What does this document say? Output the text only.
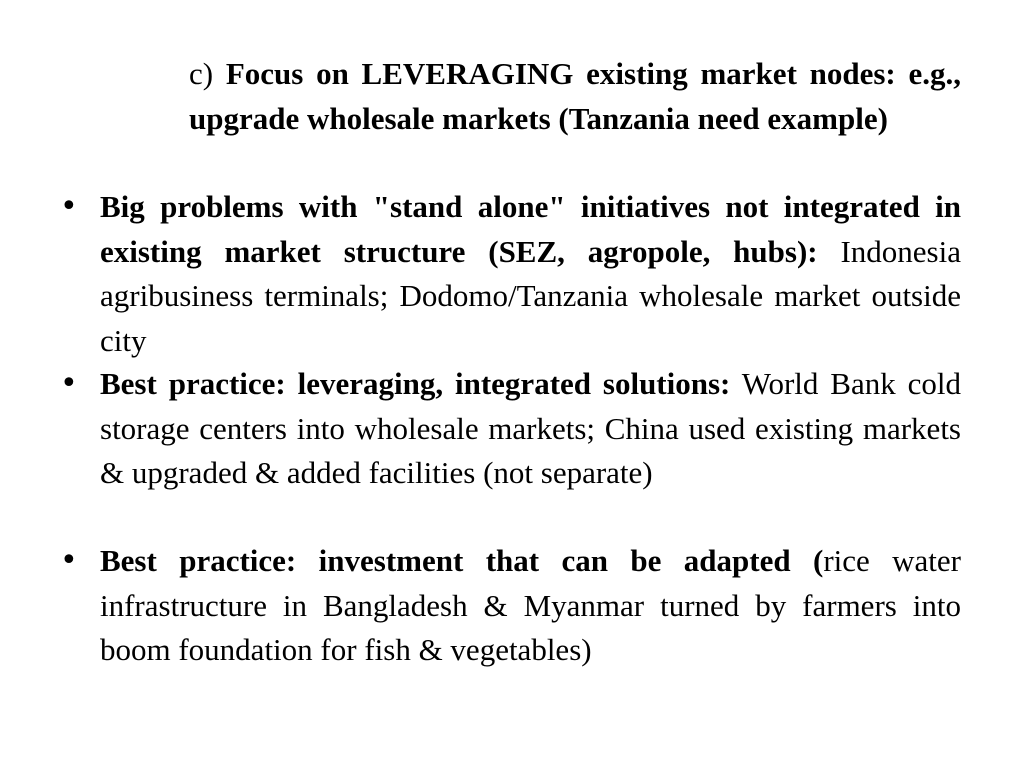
c) Focus on LEVERAGING existing market nodes: e.g., upgrade wholesale markets (Tanzania need example)

• Big problems with "stand alone" initiatives not integrated in existing market structure (SEZ, agropole, hubs): Indonesia agribusiness terminals; Dodomo/Tanzania wholesale market outside city

• Best practice: leveraging, integrated solutions: World Bank cold storage centers into wholesale markets; China used existing markets & upgraded & added facilities (not separate)

• Best practice: investment that can be adapted (rice water infrastructure in Bangladesh & Myanmar turned by farmers into boom foundation for fish & vegetables)
